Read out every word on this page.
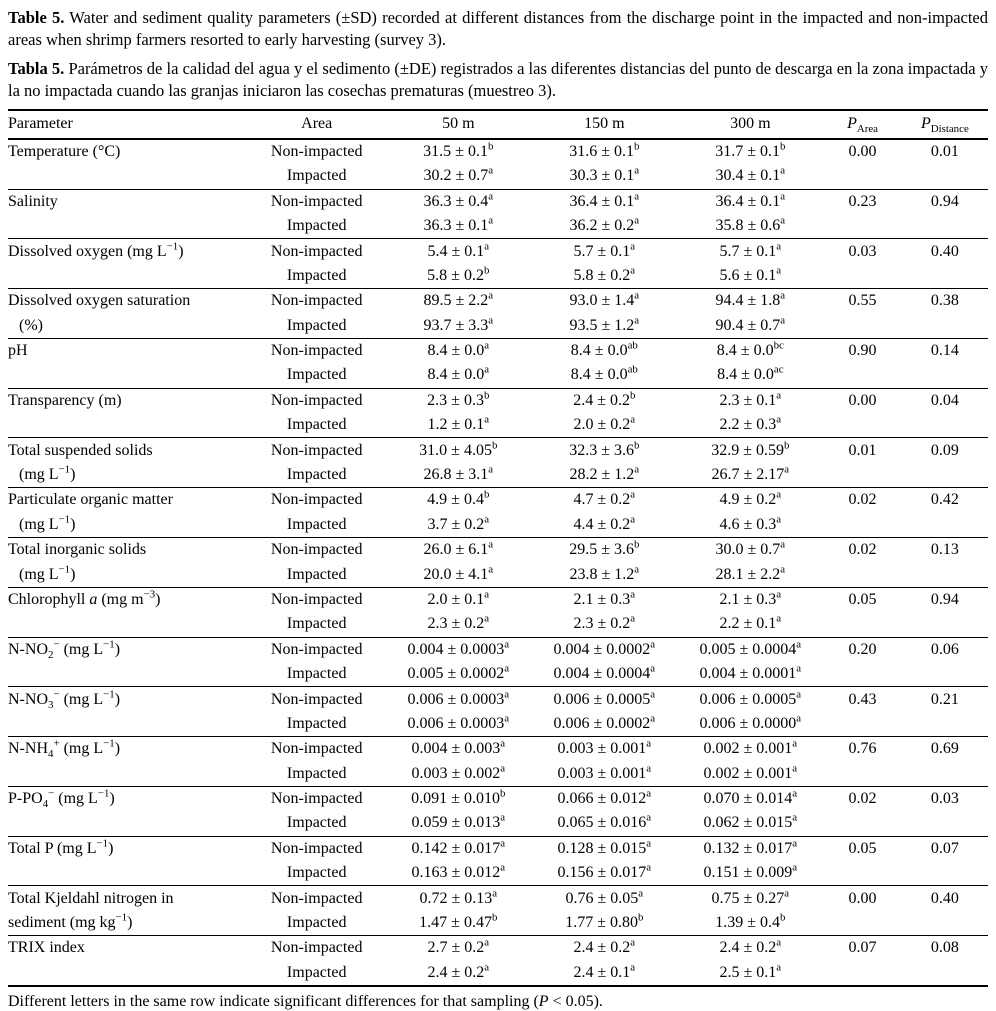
Table 5. Water and sediment quality parameters (±SD) recorded at different distances from the discharge point in the impacted and non-impacted areas when shrimp farmers resorted to early harvesting (survey 3).

Tabla 5. Parámetros de la calidad del agua y el sedimento (±DE) registrados a las diferentes distancias del punto de descarga en la zona impactada y la no impactada cuando las granjas iniciaron las cosechas prematuras (muestreo 3).

Parameter	Area	50 m	150 m	300 m	$P_{Area}$	$P_{Distance}$
Temperature (°C)	Non-impacted	31.5 ± 0.1$^b$	31.6 ± 0.1$^b$	31.7 ± 0.1$^b$	0.00	0.01
	Impacted	30.2 ± 0.7$^a$	30.3 ± 0.1$^a$	30.4 ± 0.1$^a$		
Salinity	Non-impacted	36.3 ± 0.4$^a$	36.4 ± 0.1$^a$	36.4 ± 0.1$^a$	0.23	0.94
	Impacted	36.3 ± 0.1$^a$	36.2 ± 0.2$^a$	35.8 ± 0.6$^a$		
Dissolved oxygen (mg $L^{-1}$)	Non-impacted	5.4 ± 0.1$^a$	5.7 ± 0.1$^a$	5.7 ± 0.1$^a$	0.03	0.40
	Impacted	5.8 ± 0.2$^b$	5.8 ± 0.2$^a$	5.6 ± 0.1$^a$		
Dissolved oxygen saturation	Non-impacted	89.5 ± 2.2$^a$	93.0 ± 1.4$^a$	94.4 ± 1.8$^a$	0.55	0.38
(%)	Impacted	93.7 ± 3.3$^a$	93.5 ± 1.2$^a$	90.4 ± 0.7$^a$		
pH	Non-impacted	8.4 ± 0.0$^a$	8.4 ± 0.0$^{ab}$	8.4 ± 0.0$^{bc}$	0.90	0.14
	Impacted	8.4 ± 0.0$^a$	8.4 ± 0.0$^{ab}$	8.4 ± 0.0$^{ac}$		
Transparency (m)	Non-impacted	2.3 ± 0.3$^b$	2.4 ± 0.2$^b$	2.3 ± 0.1$^a$	0.00	0.04
	Impacted	1.2 ± 0.1$^a$	2.0 ± 0.2$^a$	2.2 ± 0.3$^a$		
Total suspended solids	Non-impacted	31.0 ± 4.05$^b$	32.3 ± 3.6$^b$	32.9 ± 0.59$^b$	0.01	0.09
(mg $L^{-1}$)	Impacted	26.8 ± 3.1$^a$	28.2 ± 1.2$^a$	26.7 ± 2.17$^a$		
Particulate organic matter	Non-impacted	4.9 ± 0.4$^b$	4.7 ± 0.2$^a$	4.9 ± 0.2$^a$	0.02	0.42
(mg $L^{-1}$)	Impacted	3.7 ± 0.2$^a$	4.4 ± 0.2$^a$	4.6 ± 0.3$^a$		
Total inorganic solids	Non-impacted	26.0 ± 6.1$^a$	29.5 ± 3.6$^b$	30.0 ± 0.7$^a$	0.02	0.13
(mg $L^{-1}$)	Impacted	20.0 ± 4.1$^a$	23.8 ± 1.2$^a$	28.1 ± 2.2$^a$		
Chlorophyll a (mg $m^{-3}$)	Non-impacted	2.0 ± 0.1$^a$	2.1 ± 0.3$^a$	2.1 ± 0.3$^a$	0.05	0.94
	Impacted	2.3 ± 0.2$^a$	2.3 ± 0.2$^a$	2.2 ± 0.1$^a$		
$N-NO_2^-$ (mg $L^{-1}$)	Non-impacted	0.004 ± 0.0003$^a$	0.004 ± 0.0002$^a$	0.005 ± 0.0004$^a$	0.20	0.06
	Impacted	0.005 ± 0.0002$^a$	0.004 ± 0.0004$^a$	0.004 ± 0.0001$^a$		
$N-NO_3^-$ (mg $L^{-1}$)	Non-impacted	0.006 ± 0.0003$^a$	0.006 ± 0.0005$^a$	0.006 ± 0.0005$^a$	0.43	0.21
	Impacted	0.006 ± 0.0003$^a$	0.006 ± 0.0002$^a$	0.006 ± 0.0000$^a$		
$N-NH_4^+$ (mg $L^{-1}$)	Non-impacted	0.004 ± 0.003$^a$	0.003 ± 0.001$^a$	0.002 ± 0.001$^a$	0.76	0.69
	Impacted	0.003 ± 0.002$^a$	0.003 ± 0.001$^a$	0.002 ± 0.001$^a$		
$P-PO_4^-$ (mg $L^{-1}$)	Non-impacted	0.091 ± 0.010$^b$	0.066 ± 0.012$^a$	0.070 ± 0.014$^a$	0.02	0.03
	Impacted	0.059 ± 0.013$^a$	0.065 ± 0.016$^a$	0.062 ± 0.015$^a$		
Total P (mg $L^{-1}$)	Non-impacted	0.142 ± 0.017$^a$	0.128 ± 0.015$^a$	0.132 ± 0.017$^a$	0.05	0.07
	Impacted	0.163 ± 0.012$^a$	0.156 ± 0.017$^a$	0.151 ± 0.009$^a$		
Total Kjeldahl nitrogen in	Non-impacted	0.72 ± 0.13$^a$	0.76 ± 0.05$^a$	0.75 ± 0.27$^a$	0.00	0.40
sediment (mg $kg^{-1}$)	Impacted	1.47 ± 0.47$^b$	1.77 ± 0.80$^b$	1.39 ± 0.4$^b$		
TRIX index	Non-impacted	2.7 ± 0.2$^a$	2.4 ± 0.2$^a$	2.4 ± 0.2$^a$	0.07	0.08
	Impacted	2.4 ± 0.2$^a$	2.4 ± 0.1$^a$	2.5 ± 0.1$^a$		

Different letters in the same row indicate significant differences for that sampling (P < 0.05).
